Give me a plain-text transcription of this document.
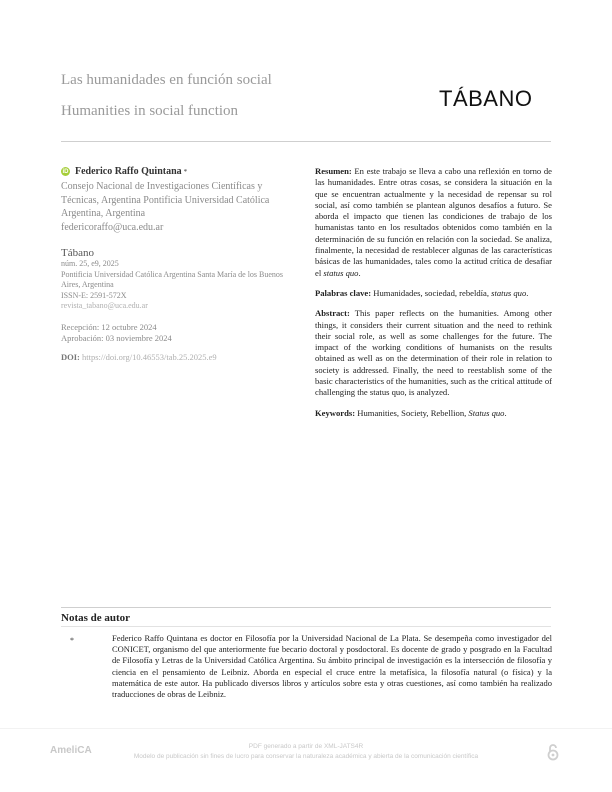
Las humanidades en función social
Humanities in social function	TÁBANO
iD Federico Raffo Quintana *
Consejo Nacional de Investigaciones Científicas y
Técnicas, Argentina Pontificia Universidad Católica
Argentina, Argentina
federicoraffo@uca.edu.ar
Tábano
núm. 25, e9, 2025
Pontificia Universidad Católica Argentina Santa María de los Buenos
Aires, Argentina
ISSN-E: 2591-572X
revista_tabano@uca.edu.ar
Recepción: 12 octubre 2024
Aprobación: 03 noviembre 2024
DOI: https://doi.org/10.46553/tab.25.2025.e9

Resumen: En este trabajo se lleva a cabo una reflexión en torno de las humanidades. Entre otras cosas, se considera la situación en la que se encuentran actualmente y la necesidad de repensar su rol social, así como también se plantean algunos desafíos a futuro. Se aborda el impacto que tienen las condiciones de trabajo de los humanistas tanto en los resultados obtenidos como también en la determinación de su función en relación con la sociedad. Se analiza, finalmente, la necesidad de restablecer algunas de las características básicas de las humanidades, tales como la actitud crítica de desafiar el status quo.

Palabras clave: Humanidades, sociedad, rebeldía, status quo.

Abstract: This paper reflects on the humanities. Among other things, it considers their current situation and the need to rethink their social role, as well as some challenges for the future. The impact of the working conditions of humanists on the results obtained as well as on the determination of their role in relation to society is addressed. Finally, the need to reestablish some of the basic characteristics of the humanities, such as the critical attitude of challenging the status quo, is analyzed.

Keywords: Humanities, Society, Rebellion, Status quo.

Notas de autor
*	Federico Raffo Quintana es doctor en Filosofía por la Universidad Nacional de La Plata. Se desempeña como investigador del CONICET, organismo del que anteriormente fue becario doctoral y posdoctoral. Es docente de grado y posgrado en la Facultad de Filosofía y Letras de la Universidad Católica Argentina. Su ámbito principal de investigación es la intersección de filosofía y ciencia en el pensamiento de Leibniz. Aborda en especial el cruce entre la metafísica, la filosofía natural (o física) y la matemática de este autor. Ha publicado diversos libros y artículos sobre esta y otras cuestiones, así como también ha realizado traducciones de obras de Leibniz.
AmeliCA	PDF generado a partir de XML-JATS4R
Modelo de publicación sin fines de lucro para conservar la naturaleza académica y abierta de la comunicación científica
